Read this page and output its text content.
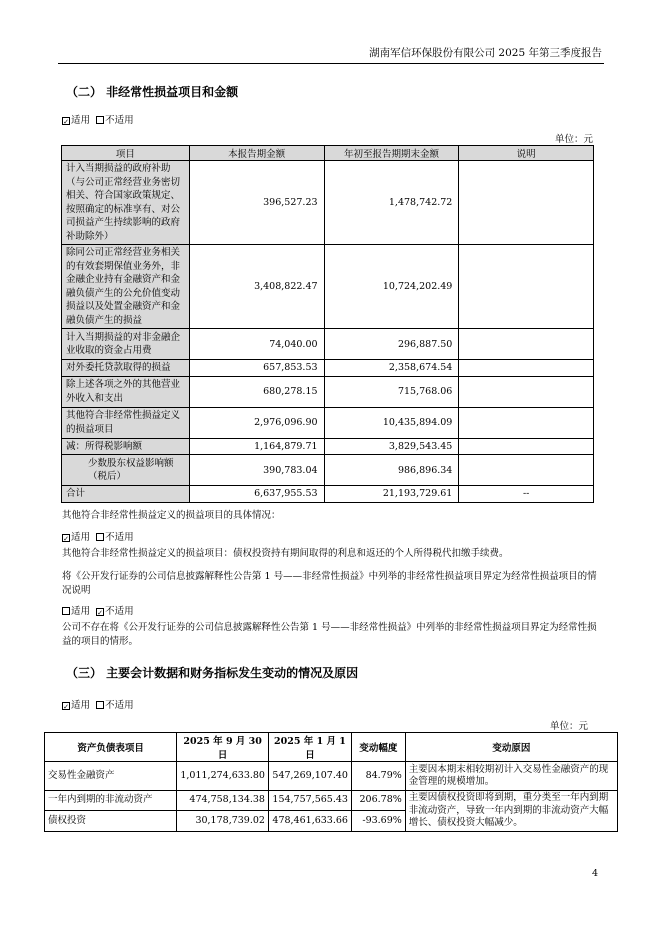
湖南军信环保股份有限公司 2025 年第三季度报告
（二） 非经常性损益项目和金额
✓ 适用 不适用
单位：元
项目	本报告期金额	年初至报告期期末金额	说明
计入当期损益的政府补助（与公司正常经营业务密切相关、符合国家政策规定、按照确定的标准享有、对公司损益产生持续影响的政府补助除外）	396,527.23	1,478,742.72	
除同公司正常经营业务相关的有效套期保值业务外，非金融企业持有金融资产和金融负债产生的公允价值变动损益以及处置金融资产和金融负债产生的损益	3,408,822.47	10,724,202.49	
计入当期损益的对非金融企业收取的资金占用费	74,040.00	296,887.50	
对外委托贷款取得的损益	657,853.53	2,358,674.54	
除上述各项之外的其他营业外收入和支出	680,278.15	715,768.06	
其他符合非经常性损益定义的损益项目	2,976,096.90	10,435,894.09	
减：所得税影响额	1,164,879.71	3,829,543.45	
少数股东权益影响额（税后）	390,783.04	986,896.34	
合计	6,637,955.53	21,193,729.61	--
其他符合非经常性损益定义的损益项目的具体情况：
✓ 适用 不适用
其他符合非经常性损益定义的损益项目：债权投资持有期间取得的利息和返还的个人所得税代扣缴手续费。
将《公开发行证券的公司信息披露解释性公告第 1 号——非经常性损益》中列举的非经常性损益项目界定为经常性损益项目的情况说明
适用 ✓ 不适用
公司不存在将《公开发行证券的公司信息披露解释性公告第 1 号——非经常性损益》中列举的非经常性损益项目界定为经常性损益的项目的情形。
（三） 主要会计数据和财务指标发生变动的情况及原因
✓ 适用 不适用
单位：元
资产负债表项目	2025 年 9 月 30 日	2025 年 1 月 1 日	变动幅度	变动原因
交易性金融资产	1,011,274,633.80	547,269,107.40	84.79%	主要因本期末相较期初计入交易性金融资产的现金管理的规模增加。
一年内到期的非流动资产	474,758,134.38	154,757,565.43	206.78%	主要因债权投资即将到期，重分类至一年内到期非流动资产，导致一年内到期的非流动资产大幅增长、债权投资大幅减少。
债权投资	30,178,739.02	478,461,633.66	-93.69%	
4
